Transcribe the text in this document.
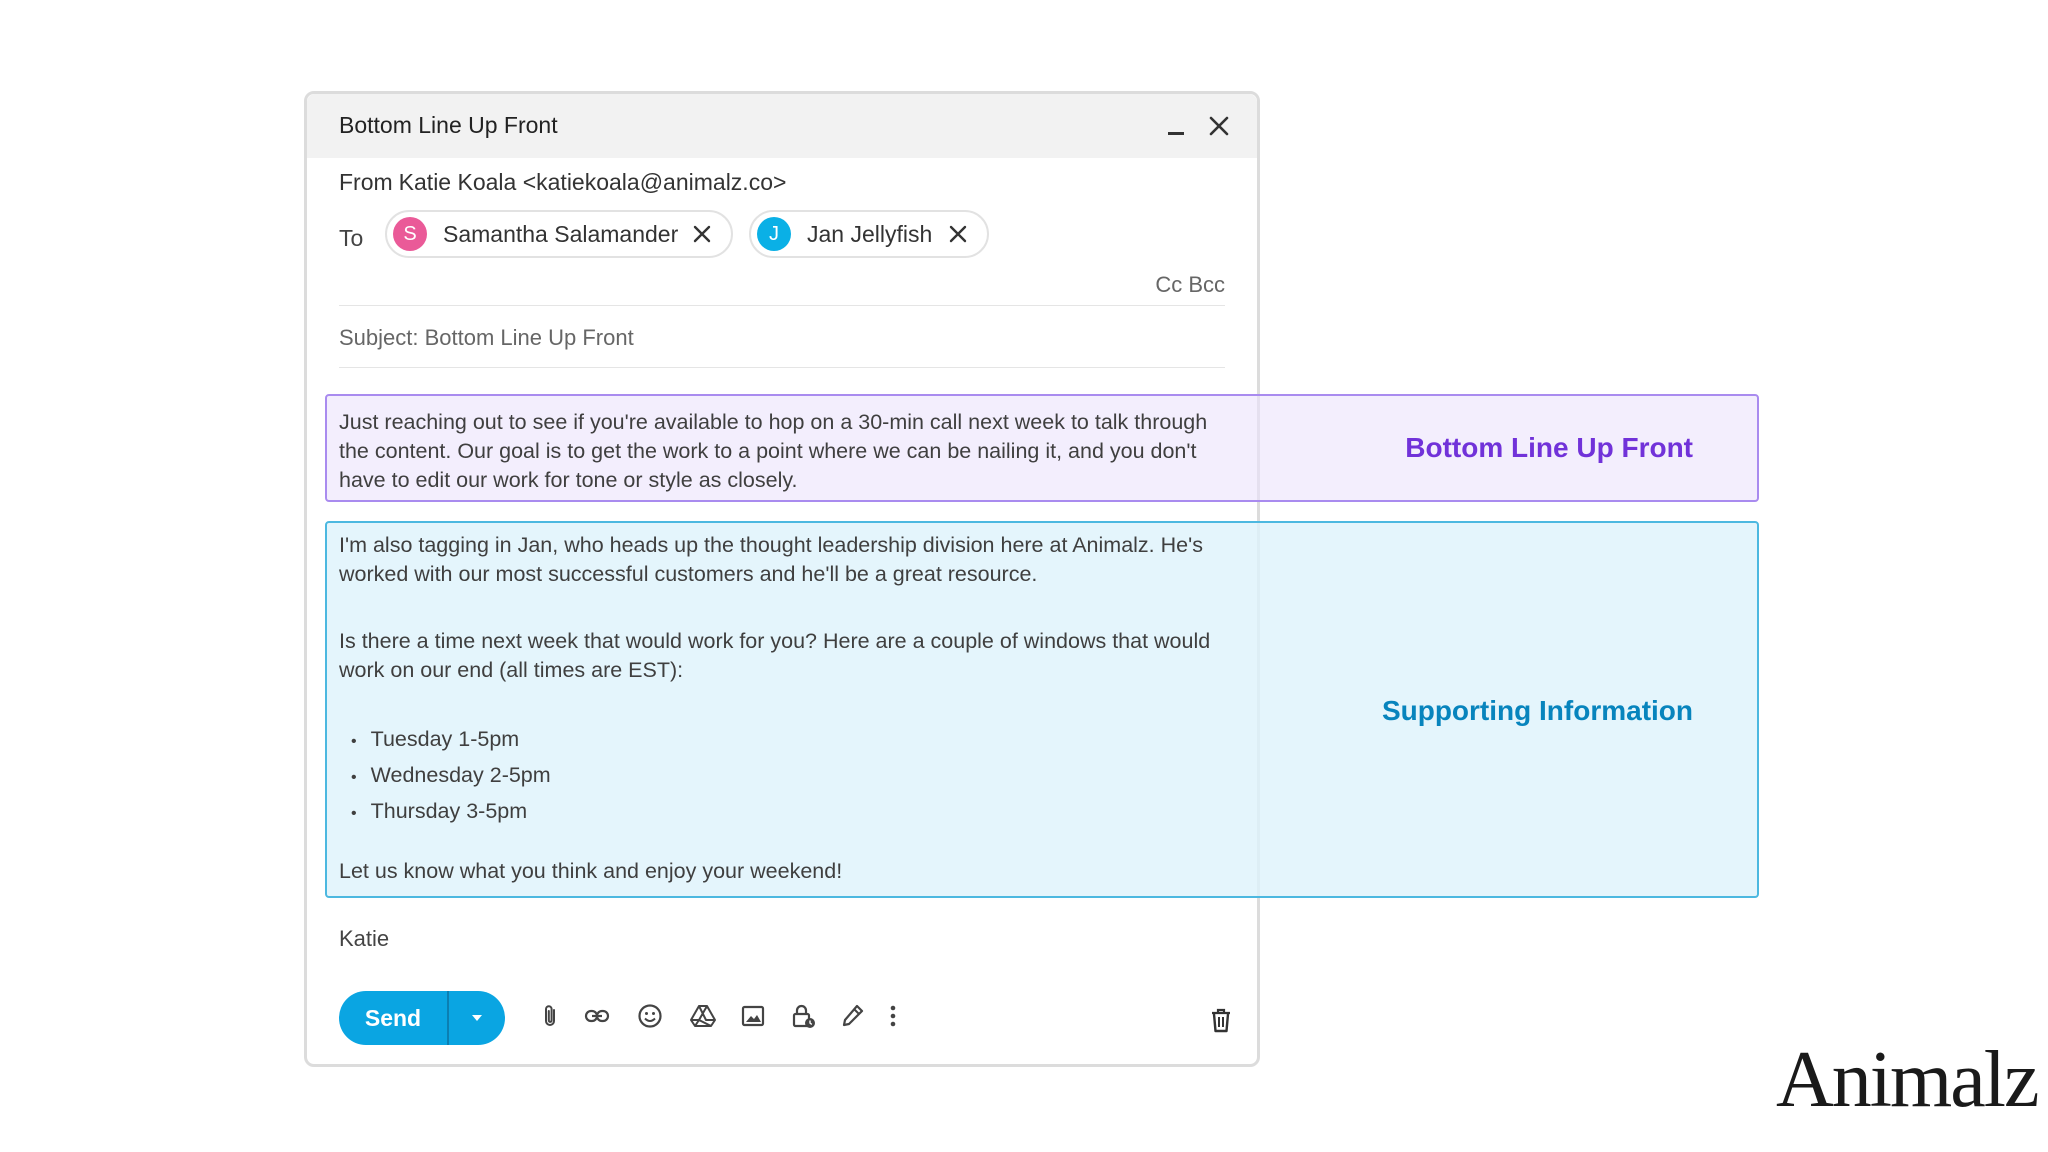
Bottom Line Up Front
From Katie Koala <katiekoala@animalz.co>
To	S	Samantha Salamander	J	Jan Jellyfish
Cc Bcc
Subject: Bottom Line Up Front
Katie
Send
Just reaching out to see if you're available to hop on a 30-min call next week to talk through the content. Our goal is to get the work to a point where we can be nailing it, and you don't have to edit our work for tone or style as closely.
Bottom Line Up Front
I'm also tagging in Jan, who heads up the thought leadership division here at Animalz. He's worked with our most successful customers and he'll be a great resource.
Is there a time next week that would work for you? Here are a couple of windows that would work on our end (all times are EST):
• Tuesday 1-5pm
• Wednesday 2-5pm
• Thursday 3-5pm
Let us know what you think and enjoy your weekend!
Supporting Information
Animalz
